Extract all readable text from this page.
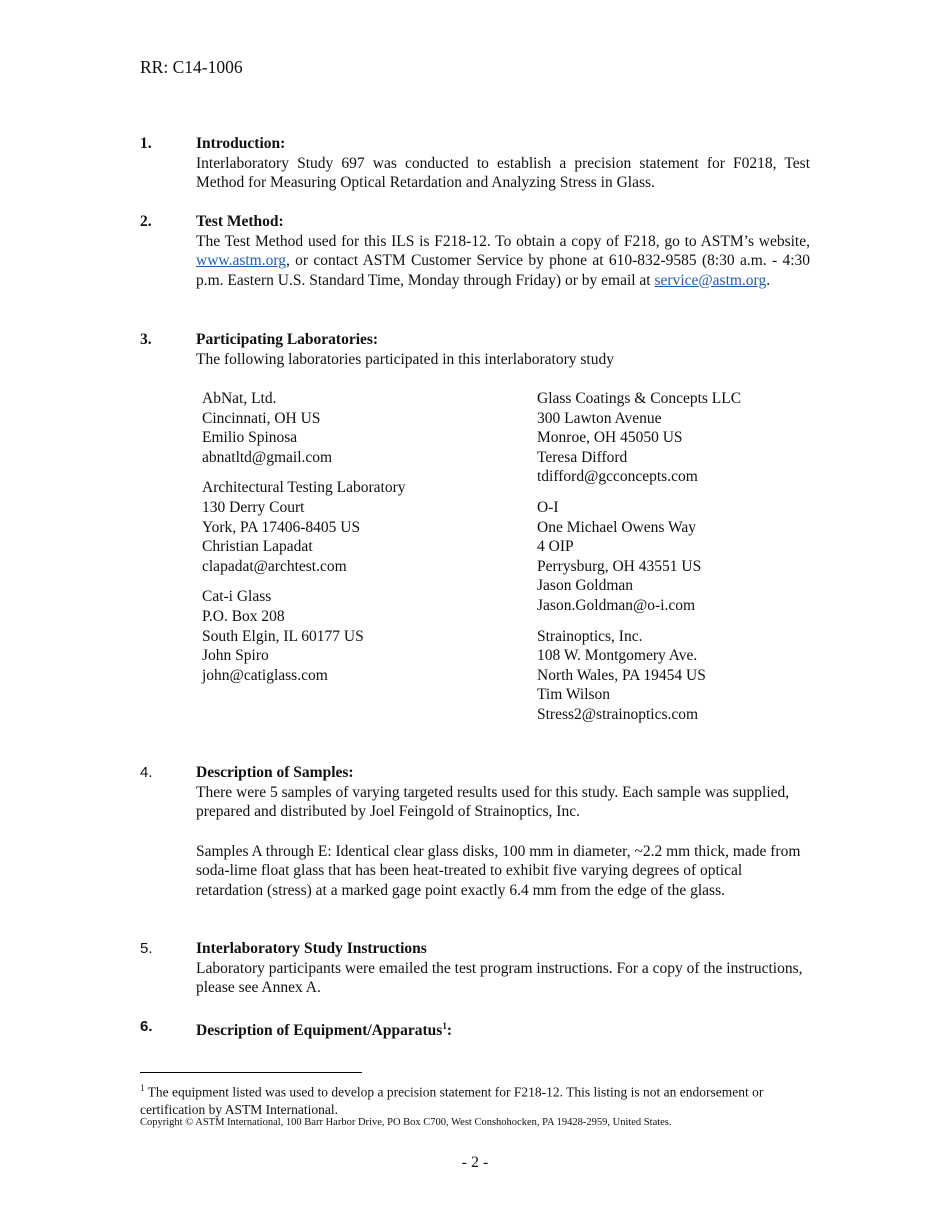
RR: C14-1006
1.	Introduction:
Interlaboratory Study 697 was conducted to establish a precision statement for F0218, Test Method for Measuring Optical Retardation and Analyzing Stress in Glass.
2.	Test Method:
The Test Method used for this ILS is F218-12. To obtain a copy of F218, go to ASTM’s website, www.astm.org, or contact ASTM Customer Service by phone at 610-832-9585 (8:30 a.m. - 4:30 p.m. Eastern U.S. Standard Time, Monday through Friday) or by email at service@astm.org.
3.	Participating Laboratories:
The following laboratories participated in this interlaboratory study
AbNat, Ltd.
Cincinnati, OH US
Emilio Spinosa
abnatltd@gmail.com
Architectural Testing Laboratory
130 Derry Court
York, PA 17406-8405 US
Christian Lapadat
clapadat@archtest.com
Cat-i Glass
P.O. Box 208
South Elgin, IL 60177 US
John Spiro
john@catiglass.com
Glass Coatings & Concepts LLC
300 Lawton Avenue
Monroe, OH 45050 US
Teresa Difford
tdifford@gcconcepts.com
O-I
One Michael Owens Way
4 OIP
Perrysburg, OH 43551 US
Jason Goldman
Jason.Goldman@o-i.com
Strainoptics, Inc.
108 W. Montgomery Ave.
North Wales, PA 19454 US
Tim Wilson
Stress2@strainoptics.com
4.	Description of Samples:
There were 5 samples of varying targeted results used for this study. Each sample was supplied, prepared and distributed by Joel Feingold of Strainoptics, Inc.
Samples A through E: Identical clear glass disks, 100 mm in diameter, ~2.2 mm thick, made from soda-lime float glass that has been heat-treated to exhibit five varying degrees of optical retardation (stress) at a marked gage point exactly 6.4 mm from the edge of the glass.
5.	Interlaboratory Study Instructions
Laboratory participants were emailed the test program instructions. For a copy of the instructions, please see Annex A.
6.	Description of Equipment/Apparatus$^1$:
$^1$ The equipment listed was used to develop a precision statement for F218-12. This listing is not an endorsement or certification by ASTM International.
Copyright © ASTM International, 100 Barr Harbor Drive, PO Box C700, West Conshohocken, PA 19428-2959, United States.
- 2 -
